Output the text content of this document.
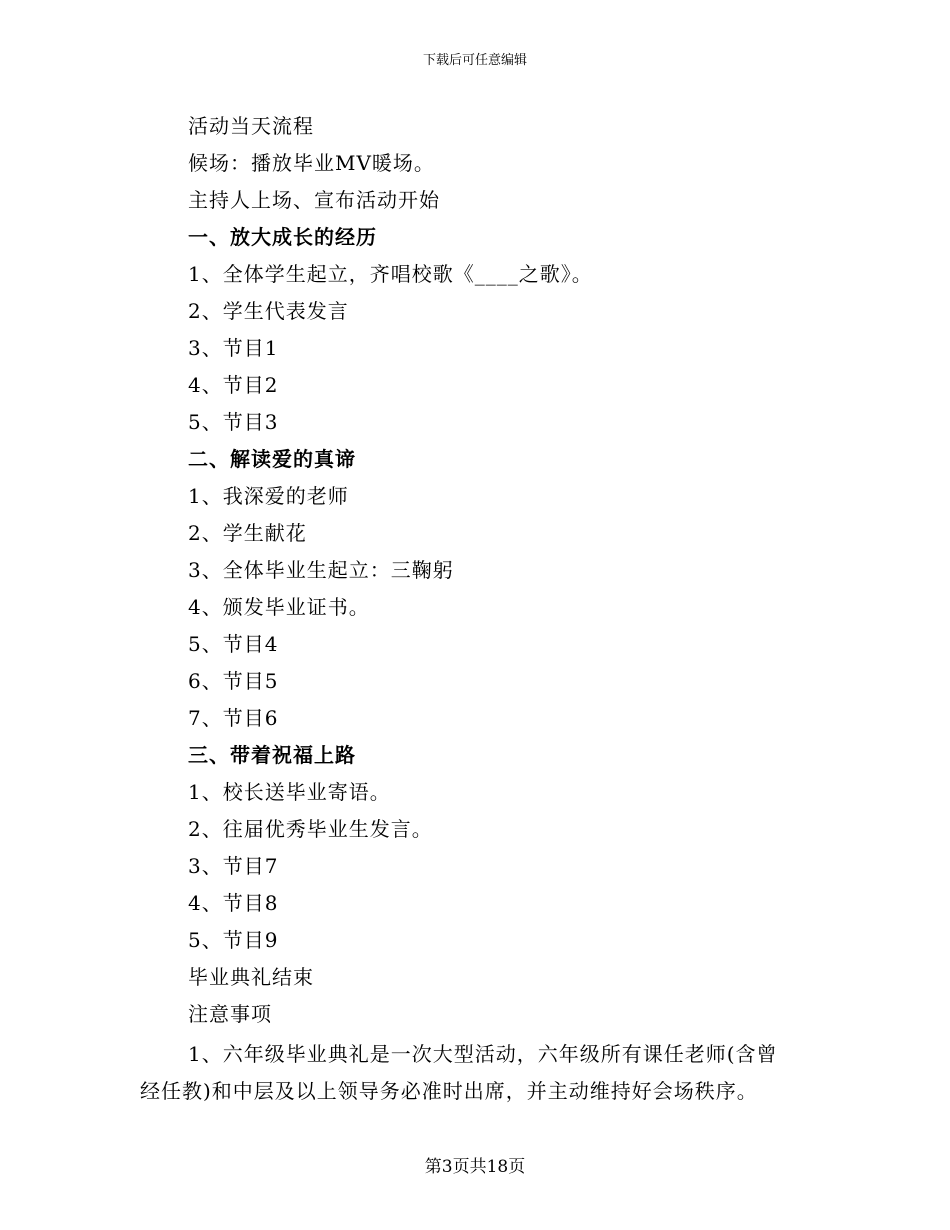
下载后可任意编辑
活动当天流程
候场：播放毕业MV暖场。
主持人上场、宣布活动开始
一、放大成长的经历
1、全体学生起立，齐唱校歌《____之歌》。
2、学生代表发言
3、节目1
4、节目2
5、节目3
二、解读爱的真谛
1、我深爱的老师
2、学生献花
3、全体毕业生起立：三鞠躬
4、颁发毕业证书。
5、节目4
6、节目5
7、节目6
三、带着祝福上路
1、校长送毕业寄语。
2、往届优秀毕业生发言。
3、节目7
4、节目8
5、节目9
毕业典礼结束
注意事项
1、六年级毕业典礼是一次大型活动，六年级所有课任老师(含曾
经任教)和中层及以上领导务必准时出席，并主动维持好会场秩序。
第3页共18页
